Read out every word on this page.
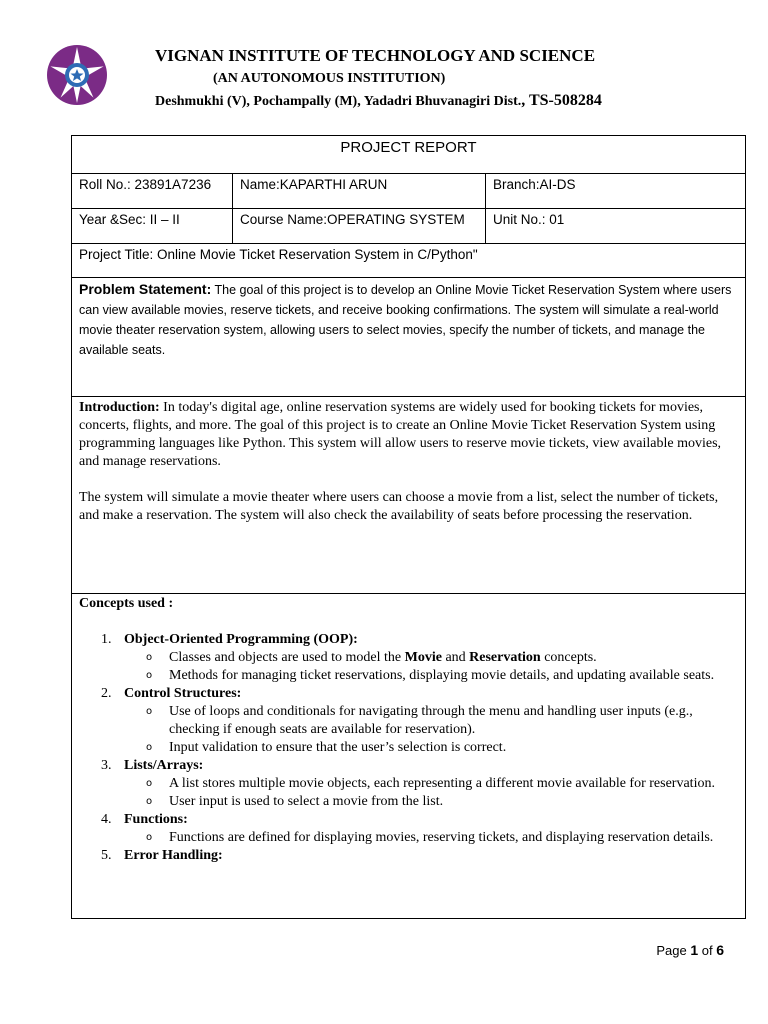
VIGNAN INSTITUTE OF TECHNOLOGY AND SCIENCE
(AN AUTONOMOUS INSTITUTION)
Deshmukhi (V), Pochampally (M), Yadadri Bhuvanagiri Dist., TS-508284
PROJECT REPORT
Roll No.: 23891A7236	Name:KAPARTHI ARUN	Branch:AI-DS
Year &Sec: II – II	Course Name:OPERATING SYSTEM	Unit No.: 01
Project Title: Online Movie Ticket Reservation System in C/Python"
Problem Statement: The goal of this project is to develop an Online Movie Ticket Reservation System where users can view available movies, reserve tickets, and receive booking confirmations. The system will simulate a real-world movie theater reservation system, allowing users to select movies, specify the number of tickets, and manage the available seats.

Introduction: In today's digital age, online reservation systems are widely used for booking tickets for movies, concerts, flights, and more. The goal of this project is to create an Online Movie Ticket Reservation System using programming languages like Python. This system will allow users to reserve movie tickets, view available movies, and manage reservations.

The system will simulate a movie theater where users can choose a movie from a list, select the number of tickets, and make a reservation. The system will also check the availability of seats before processing the reservation.

Concepts used :
1. Object-Oriented Programming (OOP):
o Classes and objects are used to model the Movie and Reservation concepts.
o Methods for managing ticket reservations, displaying movie details, and updating available seats.
2. Control Structures:
o Use of loops and conditionals for navigating through the menu and handling user inputs (e.g., checking if enough seats are available for reservation).
o Input validation to ensure that the user’s selection is correct.
3. Lists/Arrays:
o A list stores multiple movie objects, each representing a different movie available for reservation.
o User input is used to select a movie from the list.
4. Functions:
o Functions are defined for displaying movies, reserving tickets, and displaying reservation details.
5. Error Handling:
Page 1 of 6
